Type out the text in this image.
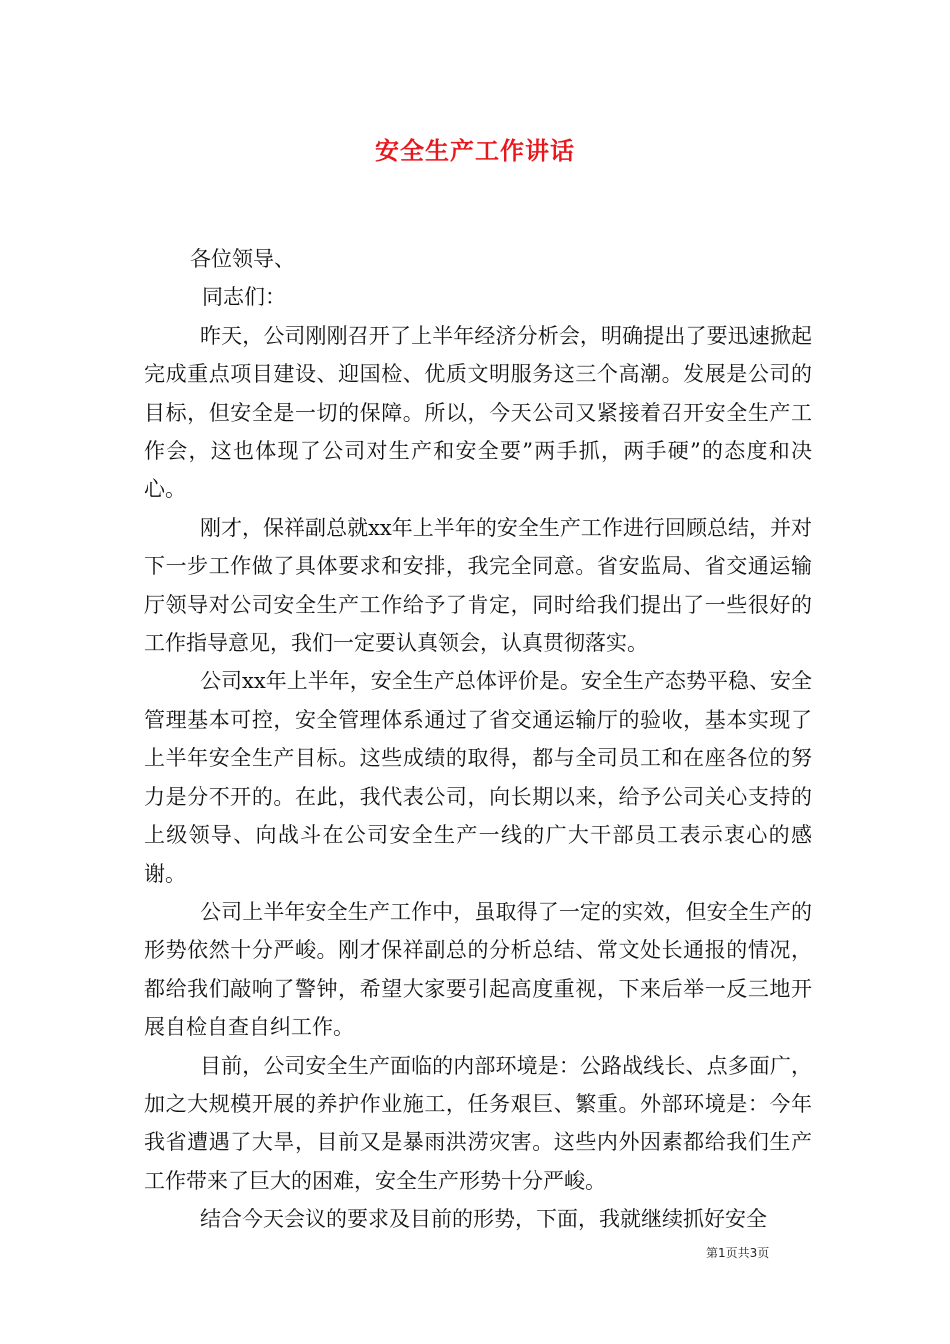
安全生产工作讲话

各位领导、

同志们：

昨天，公司刚刚召开了上半年经济分析会，明确提出了要迅速掀起完成重点项目建设、迎国检、优质文明服务这三个高潮。发展是公司的目标，但安全是一切的保障。所以，今天公司又紧接着召开安全生产工作会，这也体现了公司对生产和安全要”两手抓，两手硬”的态度和决心。

刚才，保祥副总就xx年上半年的安全生产工作进行回顾总结，并对下一步工作做了具体要求和安排，我完全同意。省安监局、省交通运输厅领导对公司安全生产工作给予了肯定，同时给我们提出了一些很好的工作指导意见，我们一定要认真领会，认真贯彻落实。

公司xx年上半年，安全生产总体评价是。安全生产态势平稳、安全管理基本可控，安全管理体系通过了省交通运输厅的验收，基本实现了上半年安全生产目标。这些成绩的取得，都与全司员工和在座各位的努力是分不开的。在此，我代表公司，向长期以来，给予公司关心支持的上级领导、向战斗在公司安全生产一线的广大干部员工表示衷心的感谢。

公司上半年安全生产工作中，虽取得了一定的实效，但安全生产的形势依然十分严峻。刚才保祥副总的分析总结、常文处长通报的情况，都给我们敲响了警钟，希望大家要引起高度重视，下来后举一反三地开展自检自查自纠工作。

目前，公司安全生产面临的内部环境是：公路战线长、点多面广，加之大规模开展的养护作业施工，任务艰巨、繁重。外部环境是：今年我省遭遇了大旱，目前又是暴雨洪涝灾害。这些内外因素都给我们生产工作带来了巨大的困难，安全生产形势十分严峻。

结合今天会议的要求及目前的形势，下面，我就继续抓好安全

第1页共3页
